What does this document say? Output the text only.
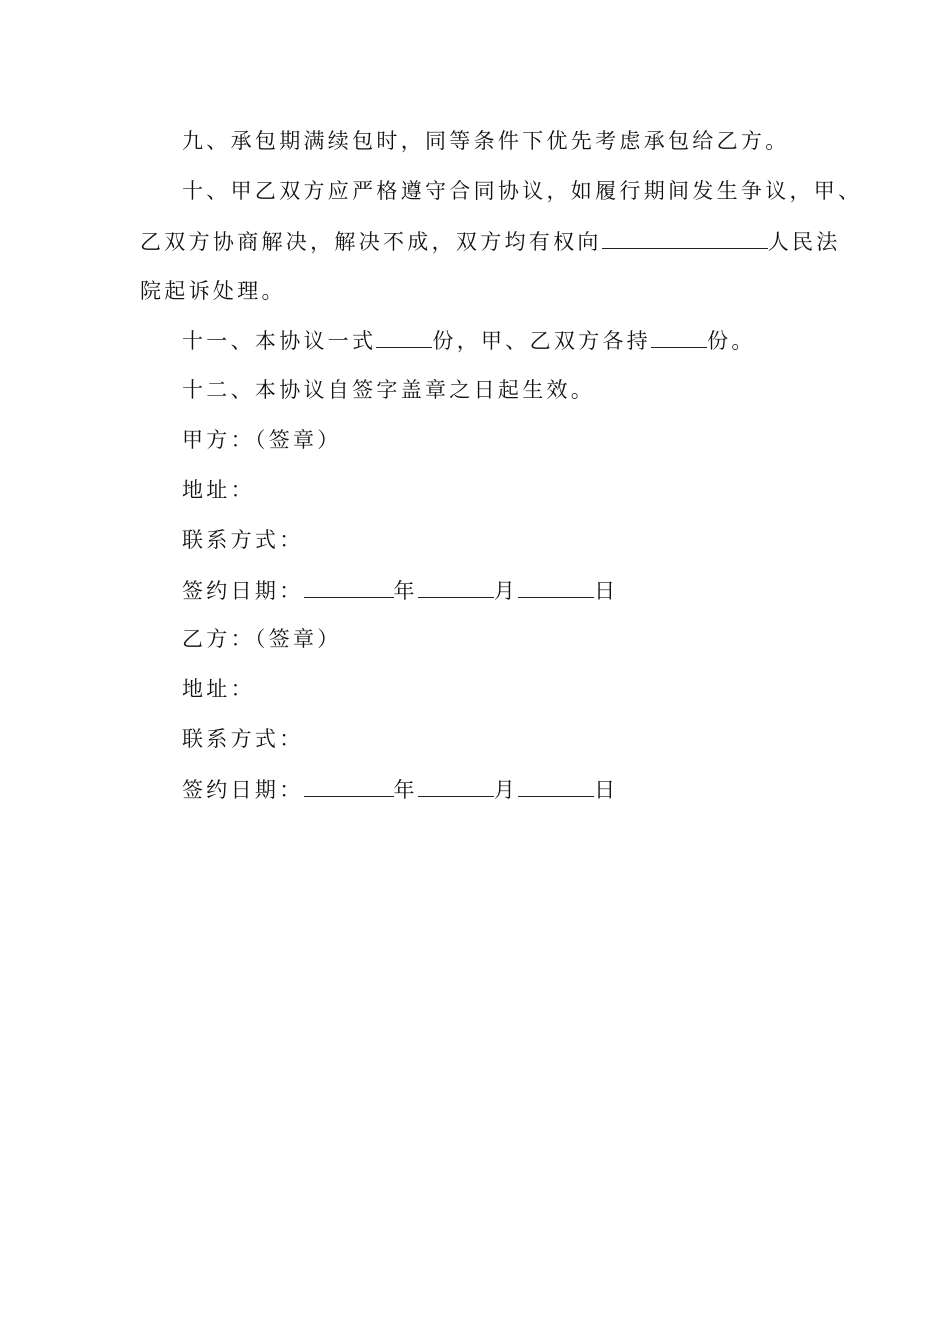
九、承包期满续包时，同等条件下优先考虑承包给乙方。
十、甲乙双方应严格遵守合同协议，如履行期间发生争议，甲、
乙双方协商解决，解决不成，双方均有权向	人民法
院起诉处理。
十一、本协议一式	份，甲、乙双方各持	份。
十二、本协议自签字盖章之日起生效。
甲方：（签章）
地址：
联系方式：
签约日期：	年	月	日
乙方：（签章）
地址：
联系方式：
签约日期：	年	月	日
